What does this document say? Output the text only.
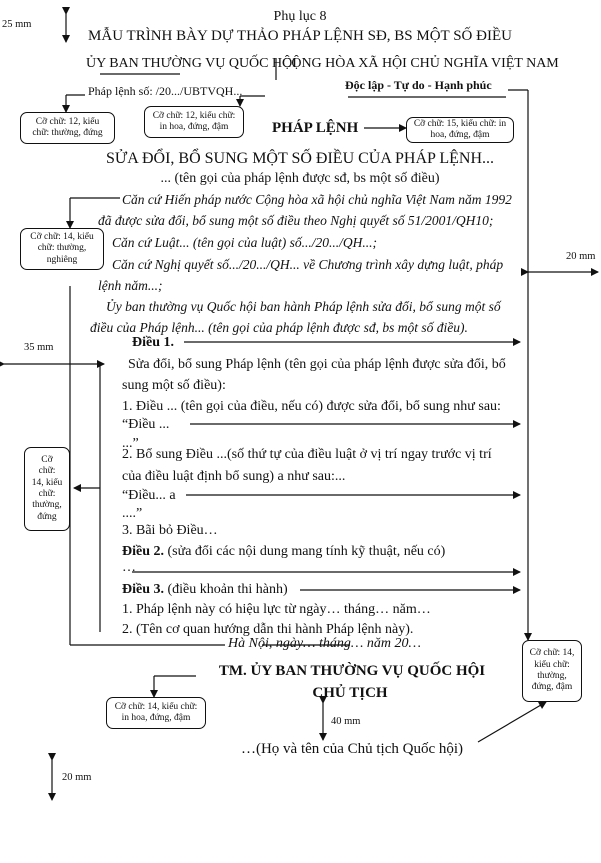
25 mm
20 mm
35 mm
40 mm
20 mm
Phụ lục 8
MẪU TRÌNH BÀY DỰ THẢO PHÁP LỆNH SĐ, BS MỘT SỐ ĐIỀU
ỦY BAN THƯỜNG VỤ QUỐC HỘI
CỘNG HÒA XÃ HỘI CHỦ NGHĨA VIỆT NAM
Độc lập - Tự do - Hạnh phúc
Pháp lệnh số: /20.../UBTVQH...
Cỡ chữ: 12, kiểu
chữ: thường, đứng
Cỡ chữ: 12, kiểu chữ:
in hoa, đứng, đậm	Cỡ chữ: 15, kiểu chữ: in
hoa, đứng, đậm
Cỡ chữ: 14, kiểu
chữ: thường,
nghiêng
Cỡ
chữ:
14, kiểu
chữ:
thường,
đứng
Cỡ chữ: 14,
kiểu chữ:
thường,
đứng, đậm
Cỡ chữ: 14, kiểu chữ:
in hoa, đứng, đậm
PHÁP LỆNH
SỬA ĐỔI, BỔ SUNG MỘT SỐ ĐIỀU CỦA PHÁP LỆNH...
... (tên gọi của pháp lệnh được sđ, bs một số điều)
Căn cứ Hiến pháp nước Cộng hòa xã hội chủ nghĩa Việt Nam năm 1992
đã được sửa đổi, bổ sung một số điều theo Nghị quyết số 51/2001/QH10;
Căn cứ Luật... (tên gọi của luật) số.../20.../QH...;
Căn cứ Nghị quyết số.../20.../QH... về Chương trình xây dựng luật, pháp
lệnh năm...;
Ủy ban thường vụ Quốc hội ban hành Pháp lệnh sửa đổi, bổ sung một số
điều của Pháp lệnh... (tên gọi của pháp lệnh được sđ, bs một số điều).
Điều 1.
Sửa đổi, bổ sung Pháp lệnh (tên gọi của pháp lệnh được sửa đổi, bổ
sung một số điều):
1. Điều ... (tên gọi của điều, nếu có) được sửa đổi, bổ sung như sau:
“Điều ...
...”
2. Bổ sung Điều ...(số thứ tự của điều luật ở vị trí ngay trước vị trí
của điều luật định bổ sung) a như sau:...
“Điều... a
....”
3. Bãi bỏ Điều…
Điều 2. (sửa đổi các nội dung mang tính kỹ thuật, nếu có)
…
Điều 3. (điều khoản thi hành)
1. Pháp lệnh này có hiệu lực từ ngày… tháng… năm…
2. (Tên cơ quan hướng dẫn thi hành Pháp lệnh này).
Hà Nội, ngày… tháng… năm 20…
TM. ỦY BAN THƯỜNG VỤ QUỐC HỘI
CHỦ TỊCH
…(Họ và tên của Chủ tịch Quốc hội)
